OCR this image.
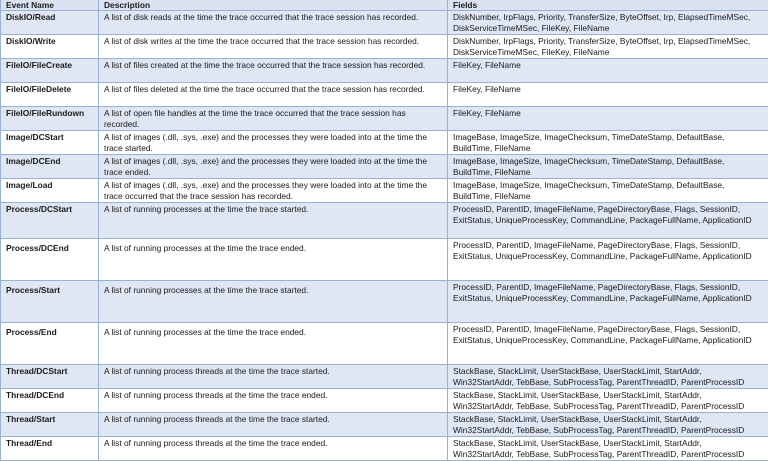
Event Name	Description	Fields
DiskIO/Read	A list of disk reads at the time the trace occurred that the trace session has recorded.	DiskNumber, IrpFlags, Priority, TransferSize, ByteOffset, Irp, ElapsedTimeMSec, DiskServiceTimeMSec, FileKey, FileName
DiskIO/Write	A list of disk writes at the time the trace occurred that the trace session has recorded.	DiskNumber, IrpFlags, Priority, TransferSize, ByteOffset, Irp, ElapsedTimeMSec, DiskServiceTimeMSec, FileKey, FileName
FileIO/FileCreate	A list of files created at the time the trace occurred that the trace session has recorded.	FileKey, FileName
FileIO/FileDelete	A list of files deleted at the time the trace occurred that the trace session has recorded.	FileKey, FileName
FileIO/FileRundown	A list of open file handles at the time the trace occurred that the trace session has recorded.	FileKey, FileName
Image/DCStart	A list of images (.dll, .sys, .exe) and the processes they were loaded into at the time the trace started.	ImageBase, ImageSize, ImageChecksum, TimeDateStamp, DefaultBase, BuildTime, FileName
Image/DCEnd	A list of images (.dll, .sys, .exe) and the processes they were loaded into at the time the trace ended.	ImageBase, ImageSize, ImageChecksum, TimeDateStamp, DefaultBase, BuildTime, FileName
Image/Load	A list of images (.dll, .sys, .exe) and the processes they were loaded into at the time the trace occurred that the trace session has recorded.	ImageBase, ImageSize, ImageChecksum, TimeDateStamp, DefaultBase, BuildTime, FileName
Process/DCStart	A list of running processes at the time the trace started.	ProcessID, ParentID, ImageFileName, PageDirectoryBase, Flags, SessionID, ExitStatus, UniqueProcessKey, CommandLine, PackageFullName, ApplicationID
Process/DCEnd	A list of running processes at the time the trace ended.	ProcessID, ParentID, ImageFileName, PageDirectoryBase, Flags, SessionID, ExitStatus, UniqueProcessKey, CommandLine, PackageFullName, ApplicationID
Process/Start	A list of running processes at the time the trace started.	ProcessID, ParentID, ImageFileName, PageDirectoryBase, Flags, SessionID, ExitStatus, UniqueProcessKey, CommandLine, PackageFullName, ApplicationID
Process/End	A list of running processes at the time the trace ended.	ProcessID, ParentID, ImageFileName, PageDirectoryBase, Flags, SessionID, ExitStatus, UniqueProcessKey, CommandLine, PackageFullName, ApplicationID
Thread/DCStart	A list of running process threads at the time the trace started.	StackBase, StackLimit, UserStackBase, UserStackLimit, StartAddr, Win32StartAddr, TebBase, SubProcessTag, ParentThreadID, ParentProcessID
Thread/DCEnd	A list of running process threads at the time the trace ended.	StackBase, StackLimit, UserStackBase, UserStackLimit, StartAddr, Win32StartAddr, TebBase, SubProcessTag, ParentThreadID, ParentProcessID
Thread/Start	A list of running process threads at the time the trace started.	StackBase, StackLimit, UserStackBase, UserStackLimit, StartAddr, Win32StartAddr, TebBase, SubProcessTag, ParentThreadID, ParentProcessID
Thread/End	A list of running process threads at the time the trace ended.	StackBase, StackLimit, UserStackBase, UserStackLimit, StartAddr, Win32StartAddr, TebBase, SubProcessTag, ParentThreadID, ParentProcessID
